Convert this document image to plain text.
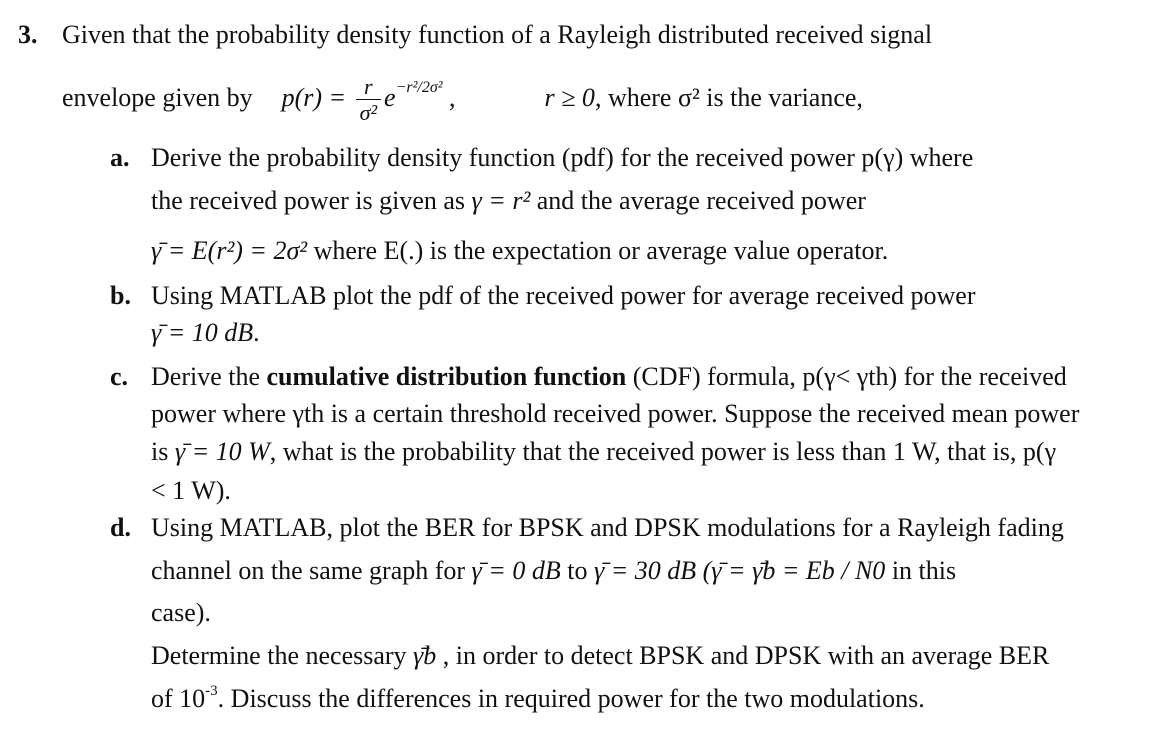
3. Given that the probability density function of a Rayleigh distributed received signal
envelope given by $p(r) = \frac{r}{\text{σ²}} e^{-r^2/2\sigma^2}$ ,	r ≥ 0, where σ² is the variance,
a. Derive the probability density function (pdf) for the received power p(γ) where
the received power is given as γ = r² and the average received power
γ̄ = E(r²) = 2σ² where E(.) is the expectation or average value operator.
b. Using MATLAB plot the pdf of the received power for average received power
γ̄ = 10 dB.
c. Derive the cumulative distribution function (CDF) formula, p(γ< γth) for the received
power where γth is a certain threshold received power. Suppose the received mean power
is γ̄ = 10 W, what is the probability that the received power is less than 1 W, that is, p(γ
< 1 W).
d. Using MATLAB, plot the BER for BPSK and DPSK modulations for a Rayleigh fading
channel on the same graph for γ̄ = 0 dB to γ̄ = 30 dB (γ̄ = γ̄b = Eb / N0 in this
case).
Determine the necessary γ̄b , in order to detect BPSK and DPSK with an average BER
of $10^{-3}$. Discuss the differences in required power for the two modulations.
